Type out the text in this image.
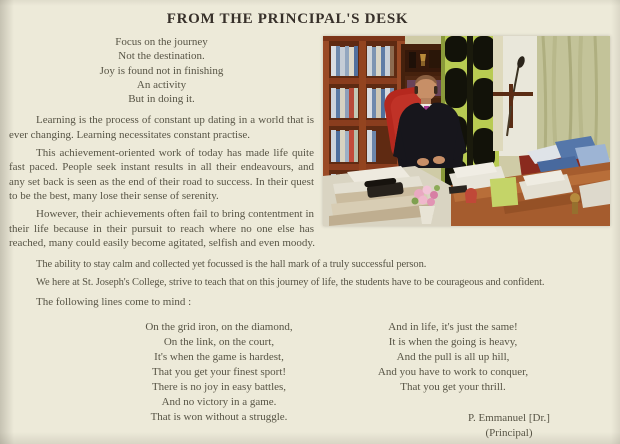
FROM THE PRINCIPAL'S DESK
Focus on the journey
Not the destination.
Joy is found not in finishing
An activity
But in doing it.

Learning is the process of constant up dating in a world that is ever changing. Learning necessitates constant practise.

This achievement-oriented work of today has made life quite fast paced. People seek instant results in all their endeavours, and any set back is seen as the end of their road to success. In their quest to be the best, many lose their sense of serenity.

However, their achievements often fail to bring contentment in their life because in their pursuit to reach where no one else has reached, many could easily become agitated, selfish and even moody.

The ability to stay calm and collected yet focussed is the hall mark of a truly successful person.

We here at St. Joseph's College, strive to teach that on this journey of life, the students have to be courageous and confident.

The following lines come to mind :

On the grid iron, on the diamond,
On the link, on the court,
It's when the game is hardest,
That you get your finest sport!
There is no joy in easy battles,
And no victory in a game.
That is won without a struggle.
And in life, it's just the same!
It is when the going is heavy,
And the pull is all up hill,
And you have to work to conquer,
That you get your thrill.
P. Emmanuel [Dr.]
(Principal)
